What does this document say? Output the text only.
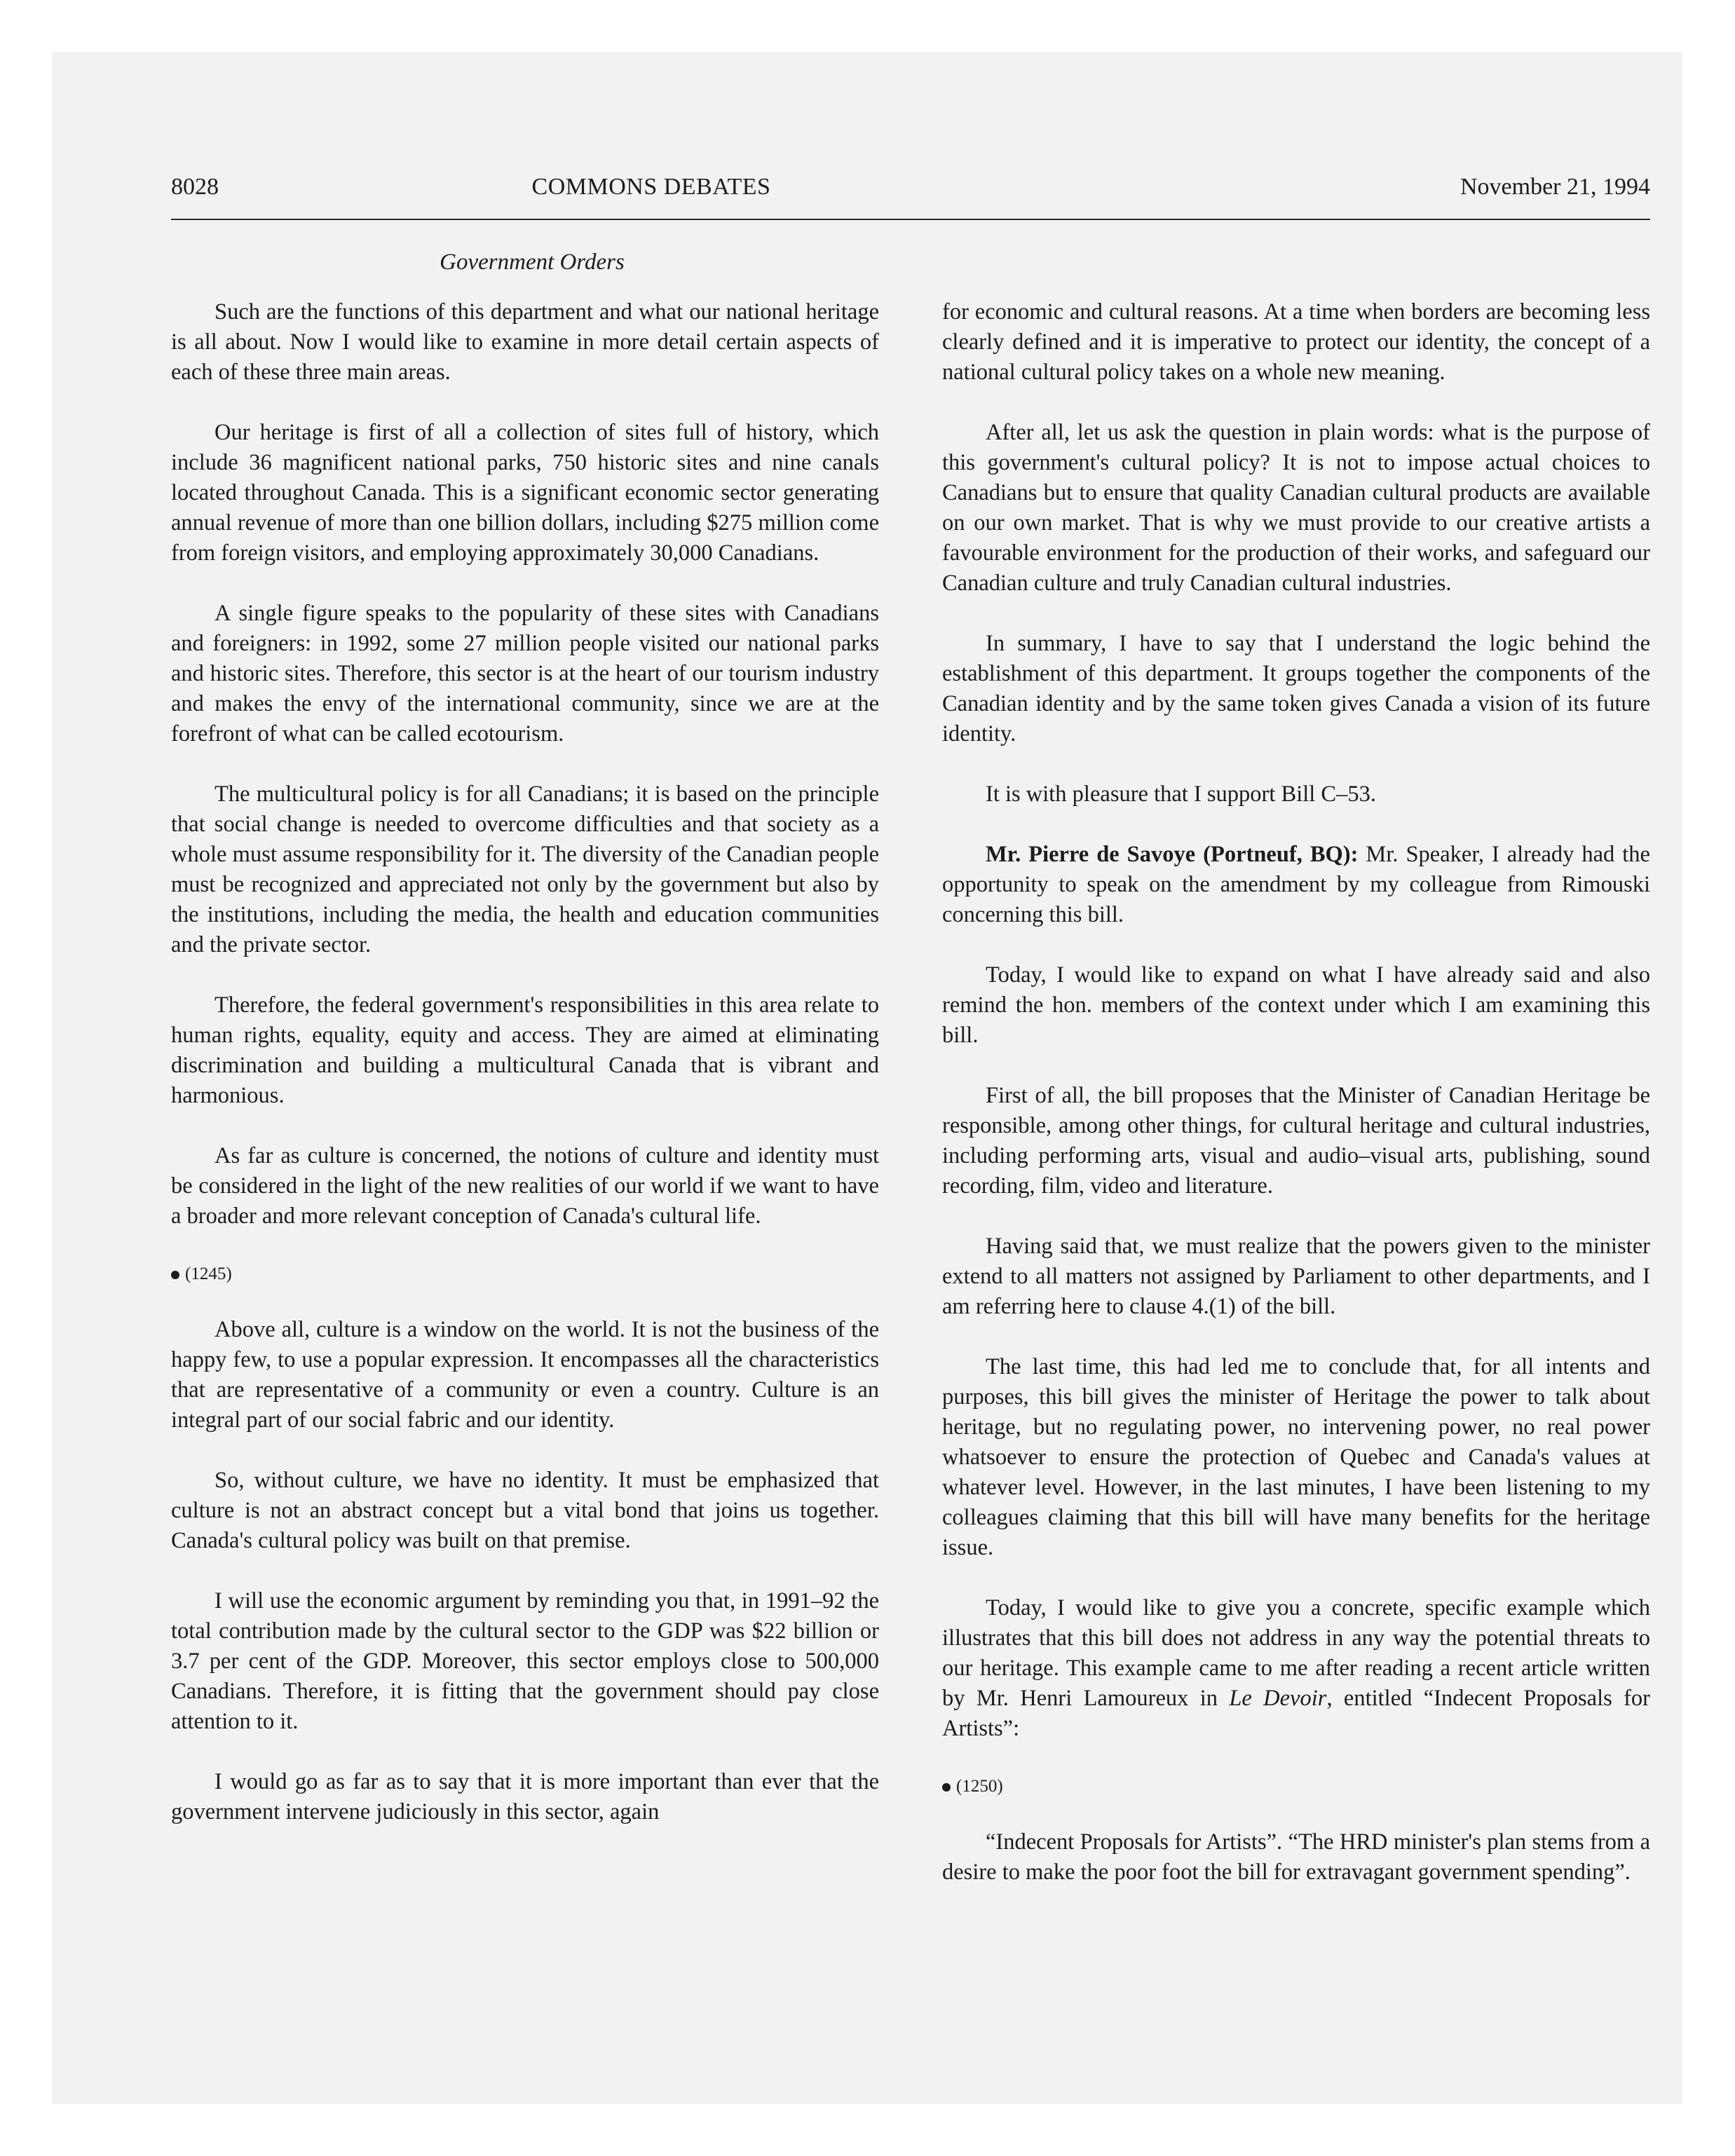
8028	COMMONS DEBATES	November 21, 1994
Government Orders

Such are the functions of this department and what our national heritage is all about. Now I would like to examine in more detail certain aspects of each of these three main areas.

Our heritage is first of all a collection of sites full of history, which include 36 magnificent national parks, 750 historic sites and nine canals located throughout Canada. This is a significant economic sector generating annual revenue of more than one billion dollars, including $275 million come from foreign visitors, and employing approximately 30,000 Canadians.

A single figure speaks to the popularity of these sites with Canadians and foreigners: in 1992, some 27 million people visited our national parks and historic sites. Therefore, this sector is at the heart of our tourism industry and makes the envy of the international community, since we are at the forefront of what can be called ecotourism.

The multicultural policy is for all Canadians; it is based on the principle that social change is needed to overcome difficulties and that society as a whole must assume responsibility for it. The diversity of the Canadian people must be recognized and appreciated not only by the government but also by the institutions, including the media, the health and education communities and the private sector.

Therefore, the federal government's responsibilities in this area relate to human rights, equality, equity and access. They are aimed at eliminating discrimination and building a multicultural Canada that is vibrant and harmonious.

As far as culture is concerned, the notions of culture and identity must be considered in the light of the new realities of our world if we want to have a broader and more relevant conception of Canada's cultural life.

(1245)

Above all, culture is a window on the world. It is not the business of the happy few, to use a popular expression. It encompasses all the characteristics that are representative of a community or even a country. Culture is an integral part of our social fabric and our identity.

So, without culture, we have no identity. It must be emphasized that culture is not an abstract concept but a vital bond that joins us together. Canada's cultural policy was built on that premise.

I will use the economic argument by reminding you that, in 1991–92 the total contribution made by the cultural sector to the GDP was $22 billion or 3.7 per cent of the GDP. Moreover, this sector employs close to 500,000 Canadians. Therefore, it is fitting that the government should pay close attention to it.

I would go as far as to say that it is more important than ever that the government intervene judiciously in this sector, again

for economic and cultural reasons. At a time when borders are becoming less clearly defined and it is imperative to protect our identity, the concept of a national cultural policy takes on a whole new meaning.

After all, let us ask the question in plain words: what is the purpose of this government's cultural policy? It is not to impose actual choices to Canadians but to ensure that quality Canadian cultural products are available on our own market. That is why we must provide to our creative artists a favourable environment for the production of their works, and safeguard our Canadian culture and truly Canadian cultural industries.

In summary, I have to say that I understand the logic behind the establishment of this department. It groups together the components of the Canadian identity and by the same token gives Canada a vision of its future identity.

It is with pleasure that I support Bill C–53.

Mr. Pierre de Savoye (Portneuf, BQ): Mr. Speaker, I already had the opportunity to speak on the amendment by my colleague from Rimouski concerning this bill.

Today, I would like to expand on what I have already said and also remind the hon. members of the context under which I am examining this bill.

First of all, the bill proposes that the Minister of Canadian Heritage be responsible, among other things, for cultural heritage and cultural industries, including performing arts, visual and audio–visual arts, publishing, sound recording, film, video and literature.

Having said that, we must realize that the powers given to the minister extend to all matters not assigned by Parliament to other departments, and I am referring here to clause 4.(1) of the bill.

The last time, this had led me to conclude that, for all intents and purposes, this bill gives the minister of Heritage the power to talk about heritage, but no regulating power, no intervening power, no real power whatsoever to ensure the protection of Quebec and Canada's values at whatever level. However, in the last minutes, I have been listening to my colleagues claiming that this bill will have many benefits for the heritage issue.

Today, I would like to give you a concrete, specific example which illustrates that this bill does not address in any way the potential threats to our heritage. This example came to me after reading a recent article written by Mr. Henri Lamoureux in Le Devoir, entitled “Indecent Proposals for Artists”:

(1250)

“Indecent Proposals for Artists”. “The HRD minister's plan stems from a desire to make the poor foot the bill for extravagant government spending”.
